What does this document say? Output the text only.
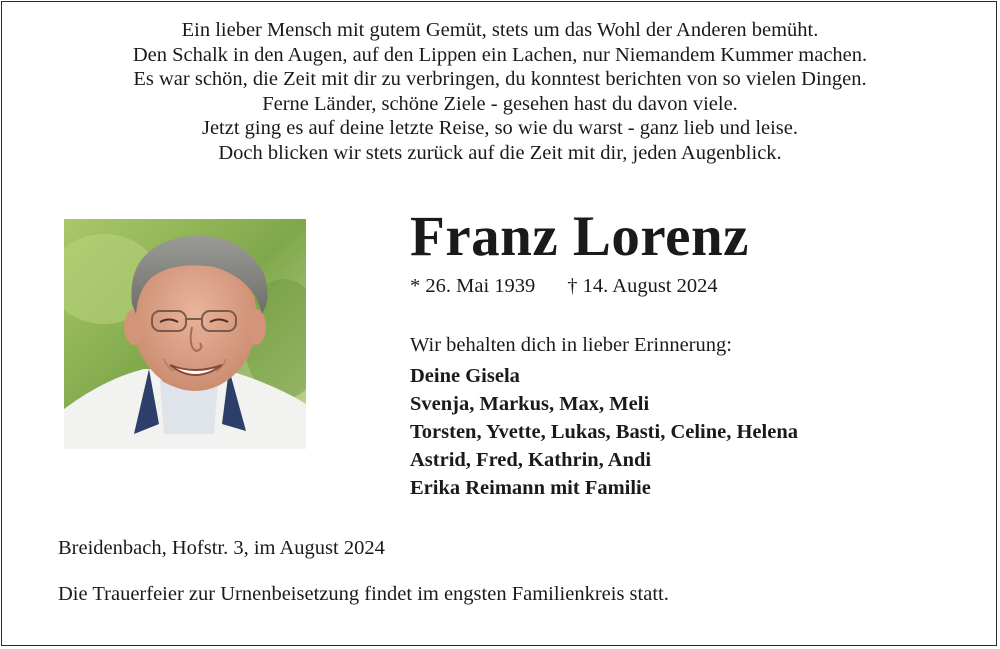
Ein lieber Mensch mit gutem Gemüt, stets um das Wohl der Anderen bemüht.
Den Schalk in den Augen, auf den Lippen ein Lachen, nur Niemandem Kummer machen.
Es war schön, die Zeit mit dir zu verbringen, du konntest berichten von so vielen Dingen.
Ferne Länder, schöne Ziele - gesehen hast du davon viele.
Jetzt ging es auf deine letzte Reise, so wie du warst - ganz lieb und leise.
Doch blicken wir stets zurück auf die Zeit mit dir, jeden Augenblick.
Franz Lorenz
* 26. Mai 1939 † 14. August 2024
Wir behalten dich in lieber Erinnerung:
Deine Gisela
Svenja, Markus, Max, Meli
Torsten, Yvette, Lukas, Basti, Celine, Helena
Astrid, Fred, Kathrin, Andi
Erika Reimann mit Familie
Breidenbach, Hofstr. 3, im August 2024
Die Trauerfeier zur Urnenbeisetzung findet im engsten Familienkreis statt.
